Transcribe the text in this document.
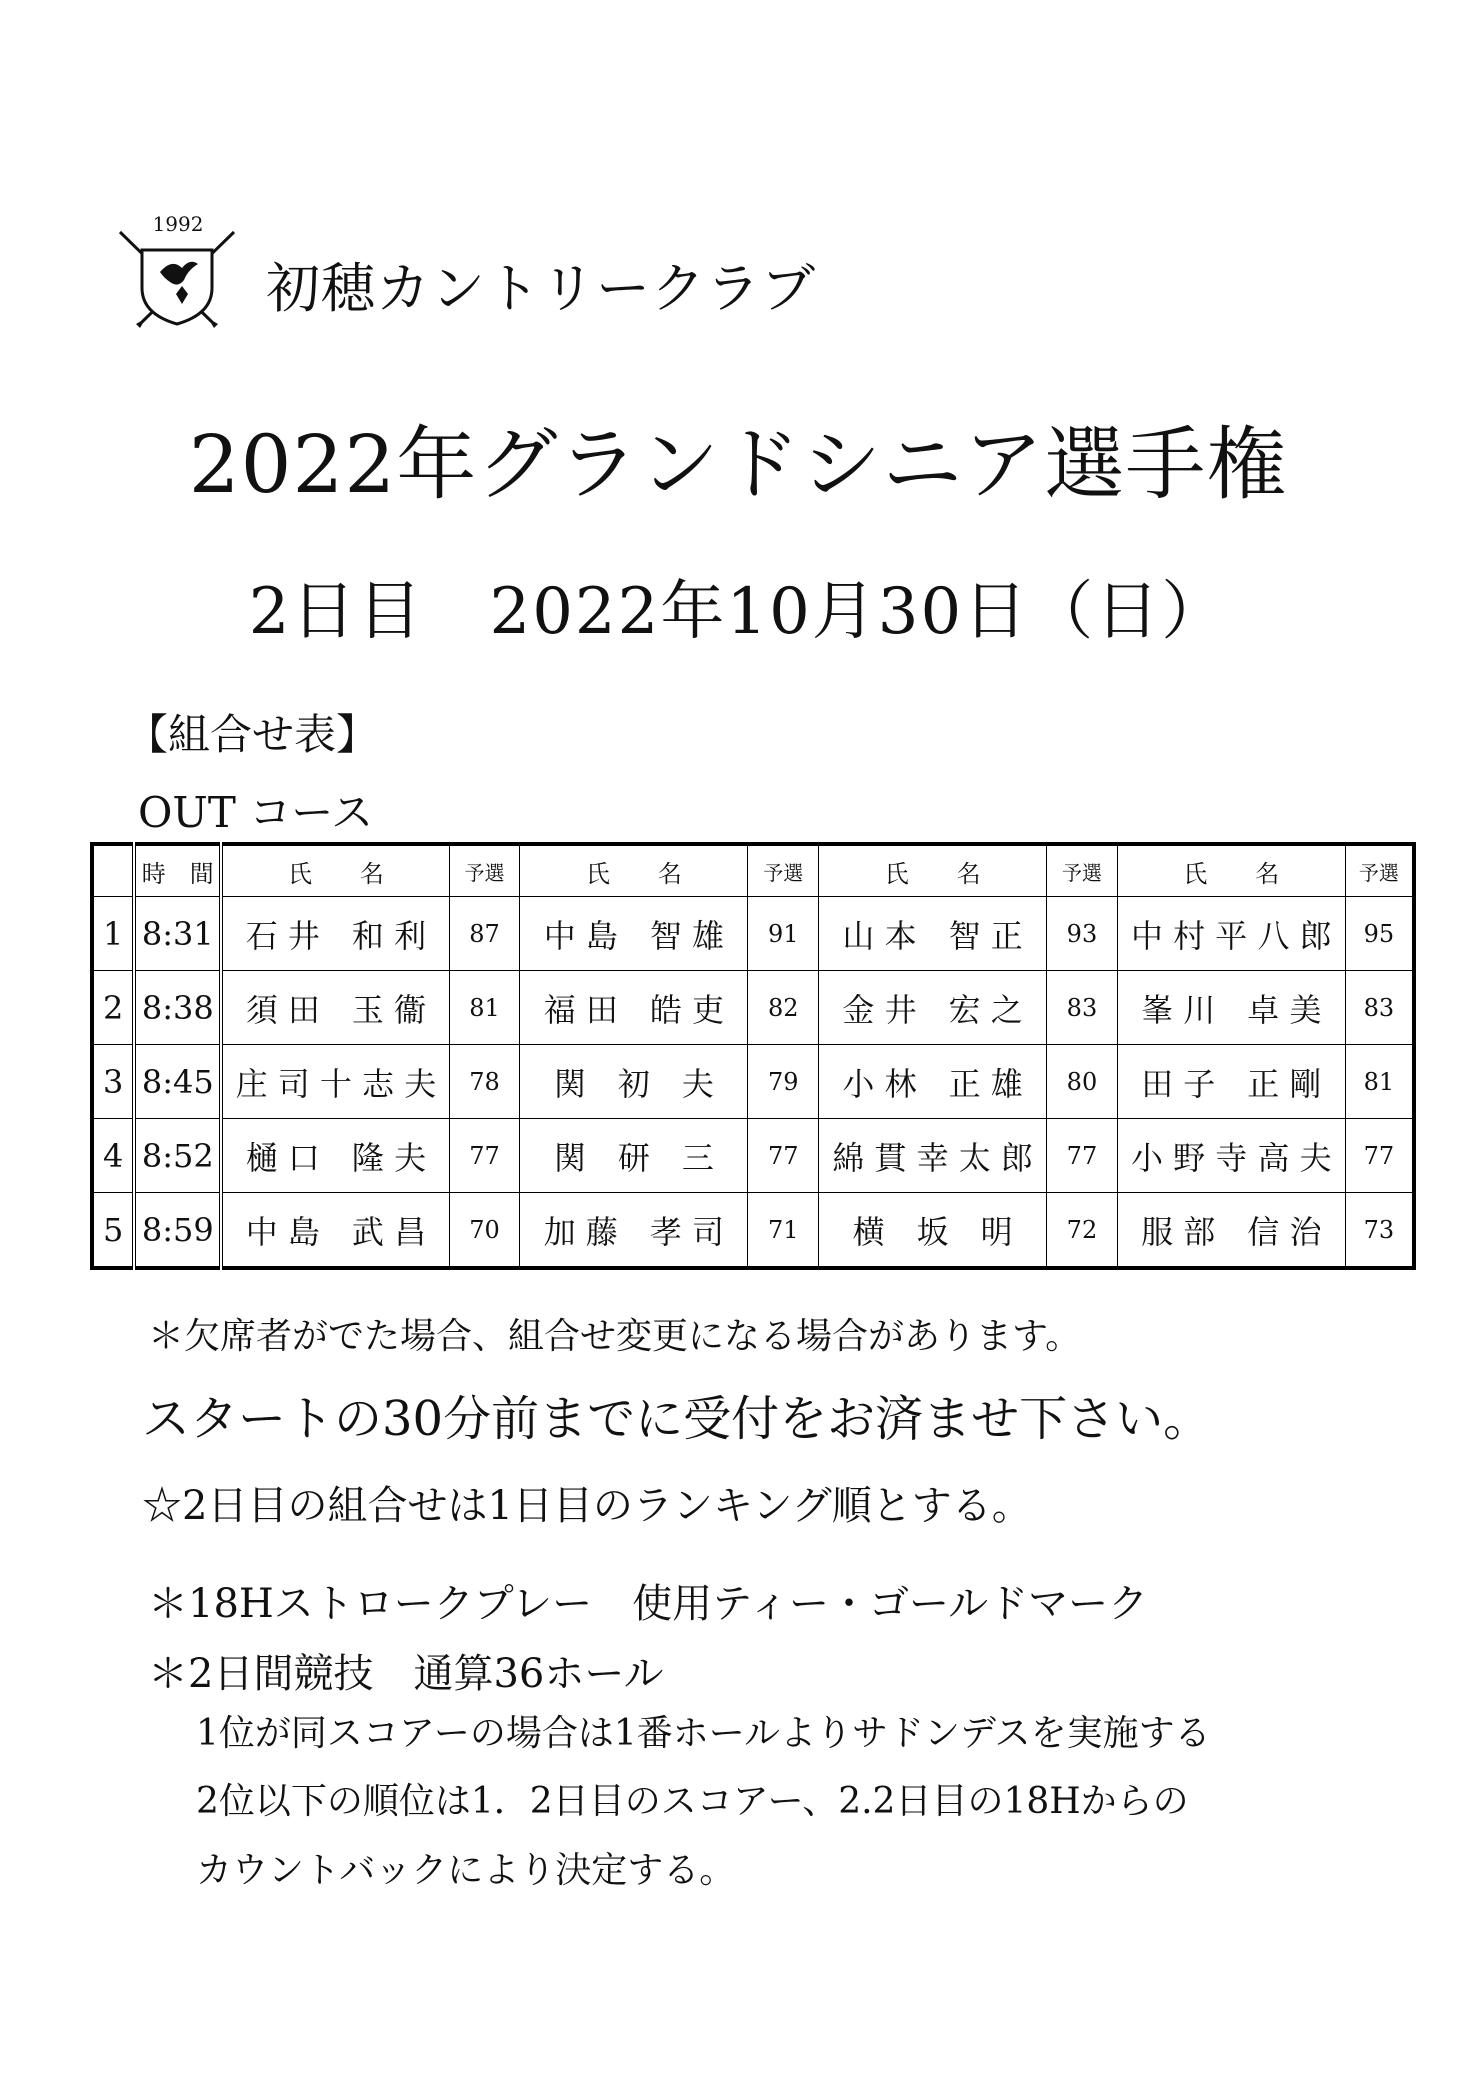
1992
初穂カントリークラブ
2022年グランドシニア選手権
2日目　2022年10月30日（日）
【組合せ表】
OUT コース
	時　間	氏　　名	予選	氏　　名	予選	氏　　名	予選	氏　　名	予選
1	8:31	石 井　和 利	87	中 島　智 雄	91	山 本　智 正	93	中 村 平 八 郎	95
2	8:38	須 田　玉 衞	81	福 田　皓 吏	82	金 井　宏 之	83	峯 川　卓 美	83
3	8:45	庄 司 十 志 夫	78	関　初　夫	79	小 林　正 雄	80	田 子　正 剛	81
4	8:52	樋 口　隆 夫	77	関　研　三	77	綿 貫 幸 太 郎	77	小 野 寺 高 夫	77
5	8:59	中 島　武 昌	70	加 藤　孝 司	71	横　坂　明	72	服 部　信 治	73
＊欠席者がでた場合、組合せ変更になる場合があります。
スタートの30分前までに受付をお済ませ下さい。
☆2日目の組合せは1日目のランキング順とする。
＊18Hストロークプレー　使用ティー・ゴールドマーク
＊2日間競技　通算36ホール
1位が同スコアーの場合は1番ホールよりサドンデスを実施する
2位以下の順位は1．2日目のスコアー、2.2日目の18Hからの
カウントバックにより決定する。
